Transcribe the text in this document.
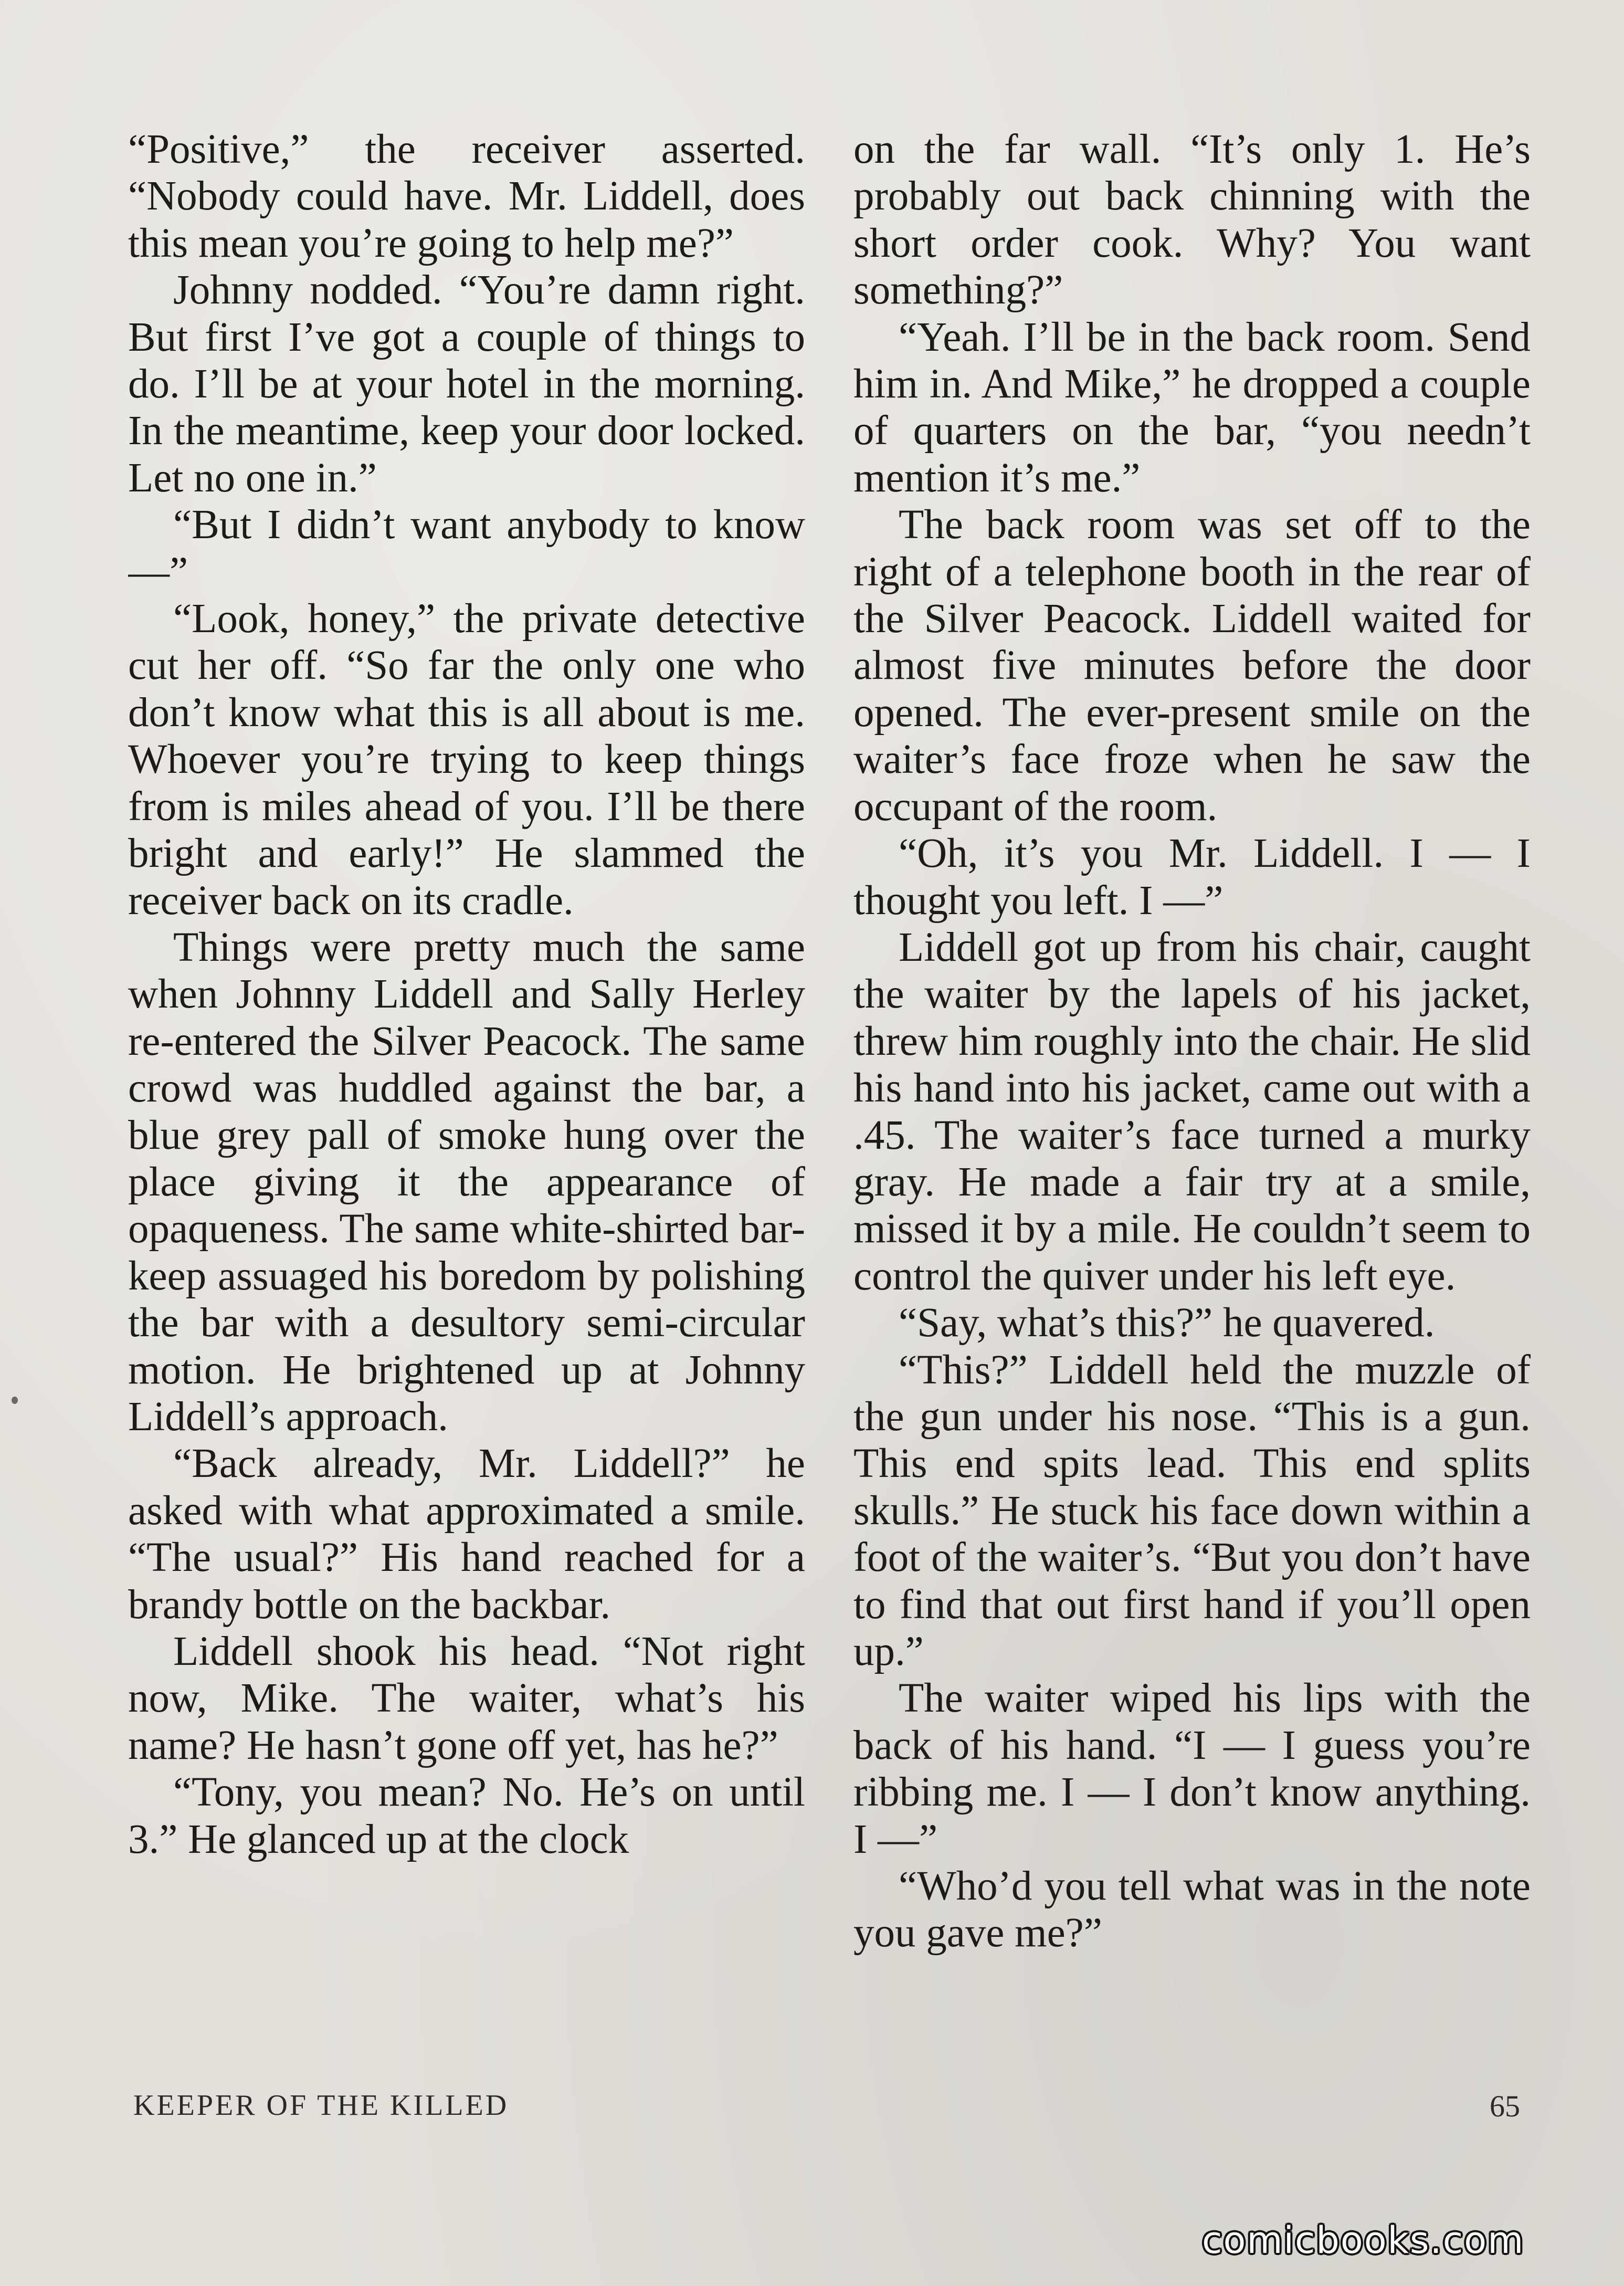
“Positive,” the receiver asserted. “Nobody could have. Mr. Liddell, does this mean you’re going to help me?”

Johnny nodded. “You’re damn right. But first I’ve got a couple of things to do. I’ll be at your hotel in the morning. In the meantime, keep your door locked. Let no one in.”

“But I didn’t want anybody to know —”

“Look, honey,” the private detective cut her off. “So far the only one who don’t know what this is all about is me. Whoever you’re trying to keep things from is miles ahead of you. I’ll be there bright and early!” He slammed the receiver back on its cradle.

Things were pretty much the same when Johnny Liddell and Sally Herley re-entered the Silver Peacock. The same crowd was huddled against the bar, a blue grey pall of smoke hung over the place giving it the appearance of opaqueness. The same white-shirted bar-keep assuaged his boredom by polishing the bar with a desultory semi-circular motion. He brightened up at Johnny Liddell’s approach.

“Back already, Mr. Liddell?” he asked with what approximated a smile. “The usual?” His hand reached for a brandy bottle on the backbar.

Liddell shook his head. “Not right now, Mike. The waiter, what’s his name? He hasn’t gone off yet, has he?”

“Tony, you mean? No. He’s on until 3.” He glanced up at the clock

on the far wall. “It’s only 1. He’s probably out back chinning with the short order cook. Why? You want something?”

“Yeah. I’ll be in the back room. Send him in. And Mike,” he dropped a couple of quarters on the bar, “you needn’t mention it’s me.”

The back room was set off to the right of a telephone booth in the rear of the Silver Peacock. Liddell waited for almost five minutes before the door opened. The ever-present smile on the waiter’s face froze when he saw the occupant of the room.

“Oh, it’s you Mr. Liddell. I — I thought you left. I —”

Liddell got up from his chair, caught the waiter by the lapels of his jacket, threw him roughly into the chair. He slid his hand into his jacket, came out with a .45. The waiter’s face turned a murky gray. He made a fair try at a smile, missed it by a mile. He couldn’t seem to control the quiver under his left eye.

“Say, what’s this?” he quavered.

“This?” Liddell held the muzzle of the gun under his nose. “This is a gun. This end spits lead. This end splits skulls.” He stuck his face down within a foot of the waiter’s. “But you don’t have to find that out first hand if you’ll open up.”

The waiter wiped his lips with the back of his hand. “I — I guess you’re ribbing me. I — I don’t know anything. I —”

“Who’d you tell what was in the note you gave me?”

KEEPER OF THE KILLED	65
comicbooks.com
